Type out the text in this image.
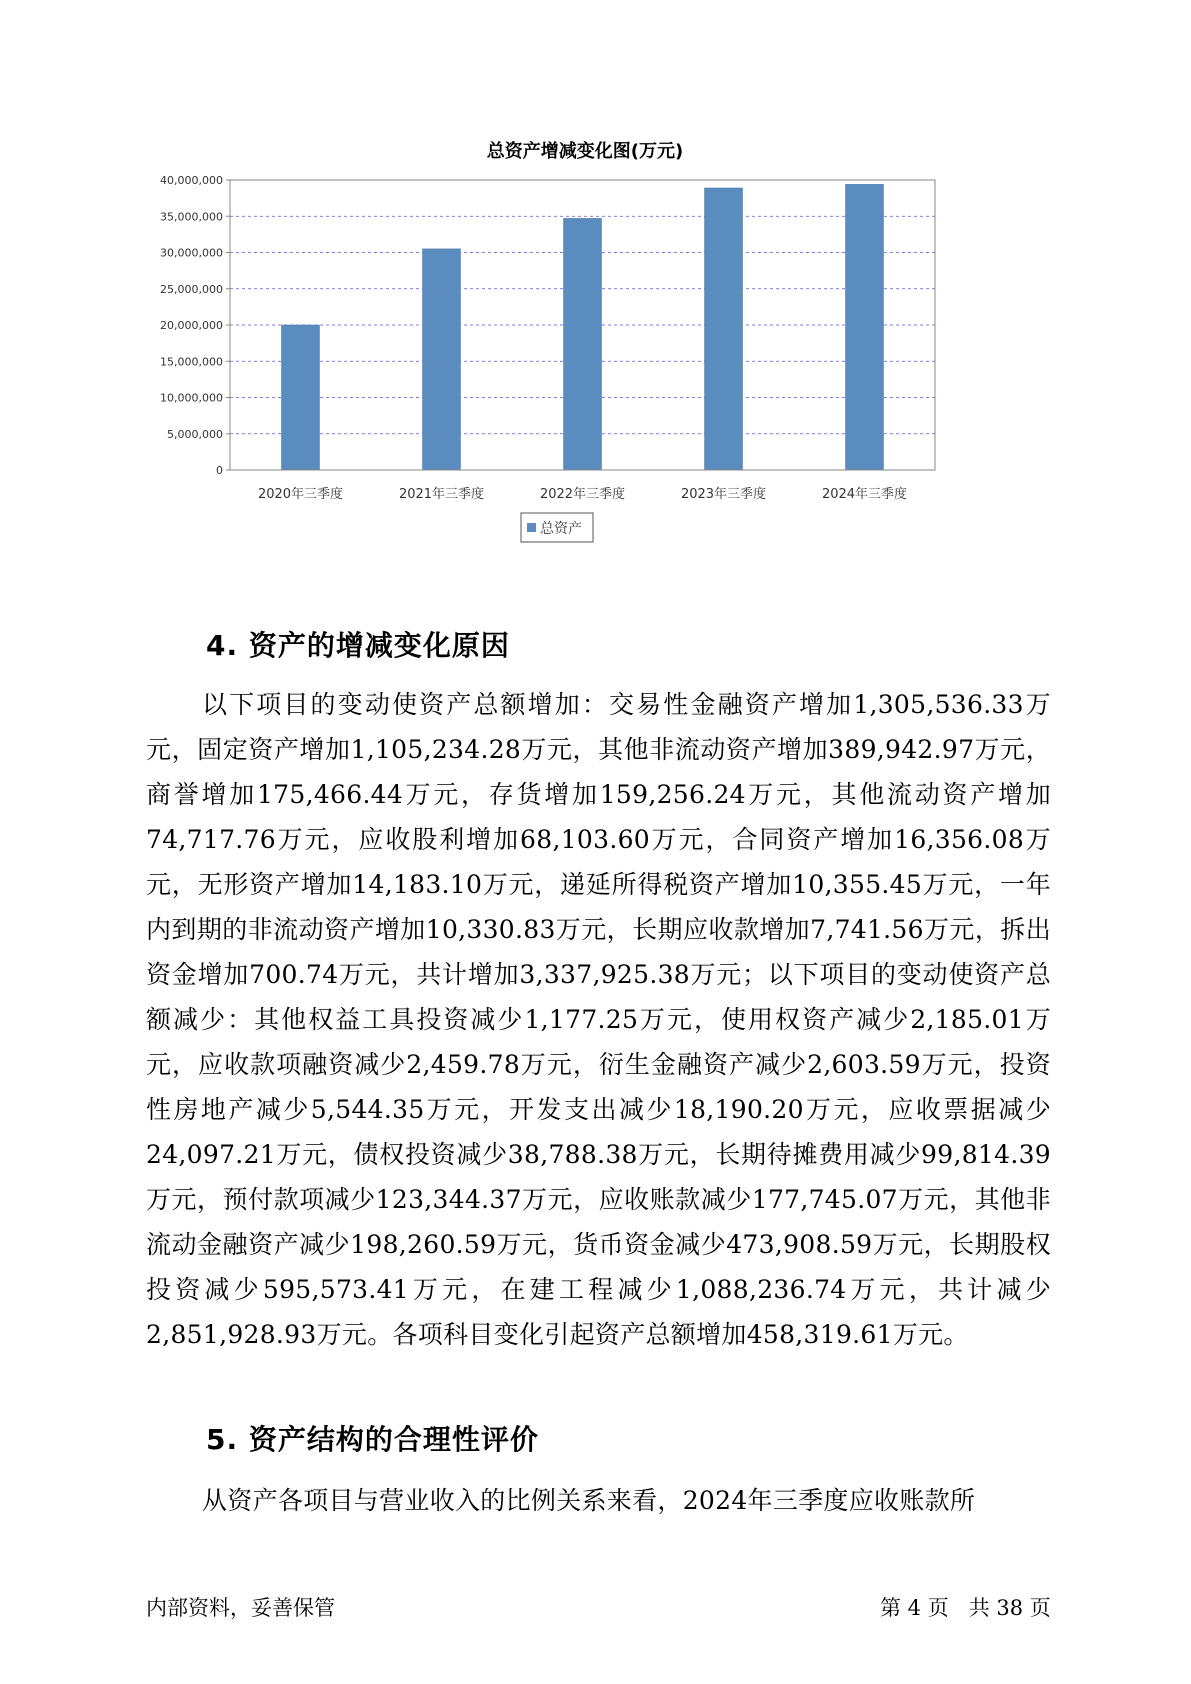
总资产增减变化图(万元)
0
5,000,000
10,000,000
15,000,000
20,000,000
25,000,000
30,000,000
35,000,000
40,000,000
2020年三季度	2021年三季度	2022年三季度	2023年三季度	2024年三季度
总资产
4. 资产的增减变化原因

以下项目的变动使资产总额增加：交易性金融资产增加1,305,536.33万元，固定资产增加1,105,234.28万元，其他非流动资产增加389,942.97万元，商誉增加175,466.44万元，存货增加159,256.24万元，其他流动资产增加74,717.76万元，应收股利增加68,103.60万元，合同资产增加16,356.08万元，无形资产增加14,183.10万元，递延所得税资产增加10,355.45万元，一年内到期的非流动资产增加10,330.83万元，长期应收款增加7,741.56万元，拆出资金增加700.74万元，共计增加3,337,925.38万元；以下项目的变动使资产总额减少：其他权益工具投资减少1,177.25万元，使用权资产减少2,185.01万元，应收款项融资减少2,459.78万元，衍生金融资产减少2,603.59万元，投资性房地产减少5,544.35万元，开发支出减少18,190.20万元，应收票据减少24,097.21万元，债权投资减少38,788.38万元，长期待摊费用减少99,814.39万元，预付款项减少123,344.37万元，应收账款减少177,745.07万元，其他非流动金融资产减少198,260.59万元，货币资金减少473,908.59万元，长期股权投资减少595,573.41万元，在建工程减少1,088,236.74万元，共计减少2,851,928.93万元。各项科目变化引起资产总额增加458,319.61万元。

5. 资产结构的合理性评价

从资产各项目与营业收入的比例关系来看，2024年三季度应收账款所

内部资料，妥善保管	第 4 页   共 38 页
